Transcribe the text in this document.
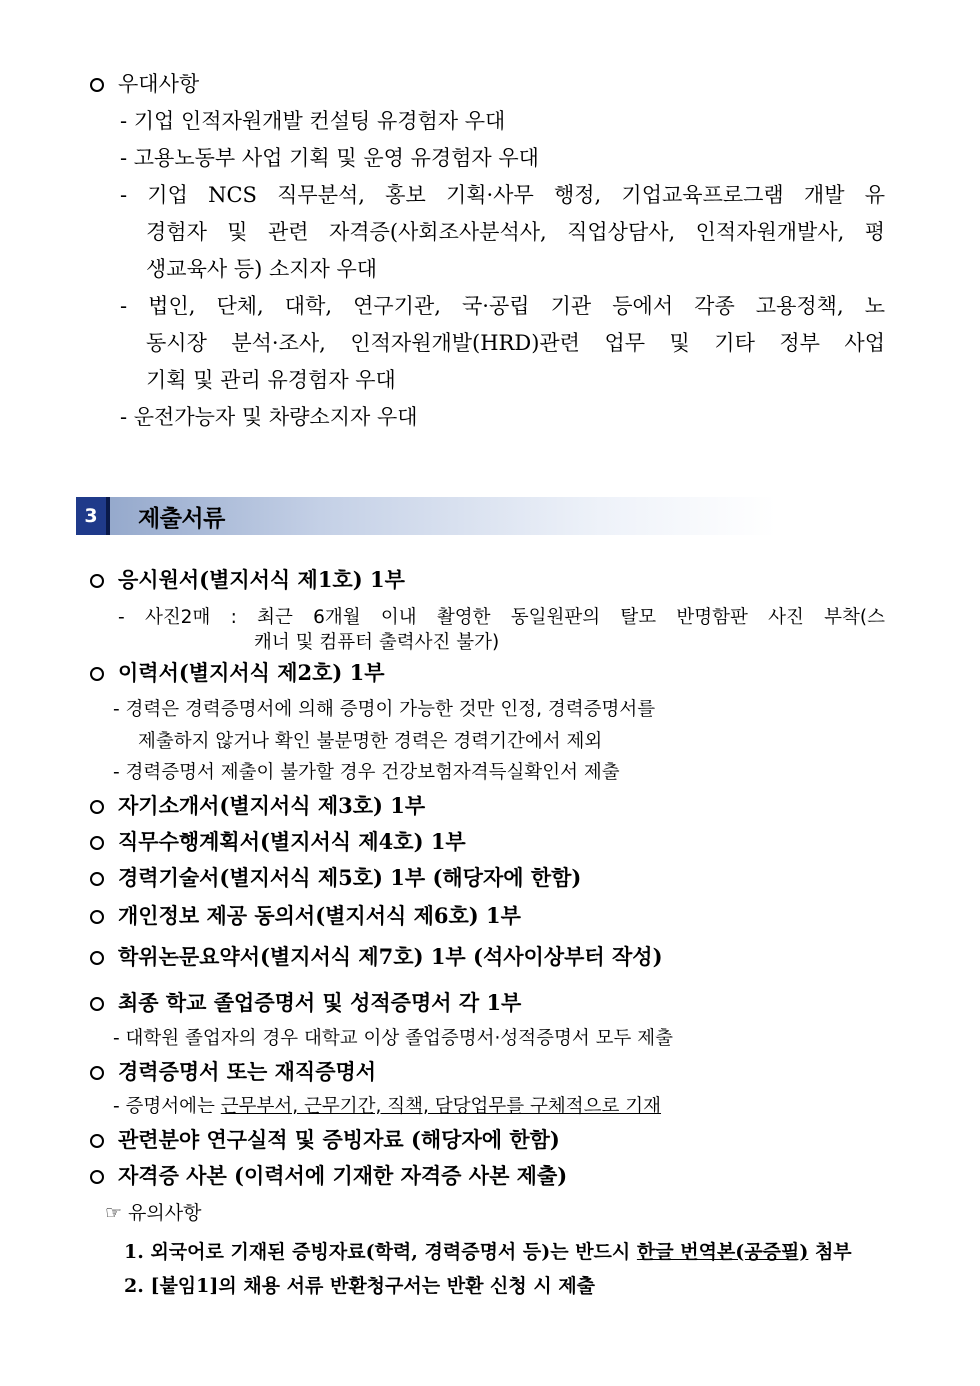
우대사항
- 기업 인적자원개발 컨설팅 유경험자 우대
- 고용노동부 사업 기획 및 운영 유경험자 우대
- 기업 NCS 직무분석, 홍보 기획·사무 행정, 기업교육프로그램 개발 유
경험자 및 관련 자격증(사회조사분석사, 직업상담사, 인적자원개발사, 평
생교육사 등) 소지자 우대
- 법인, 단체, 대학, 연구기관, 국·공립 기관 등에서 각종 고용정책, 노
동시장 분석·조사, 인적자원개발(HRD)관련 업무 및 기타 정부 사업
기획 및 관리 유경험자 우대
- 운전가능자 및 차량소지자 우대
3	제출서류
응시원서(별지서식 제1호) 1부
- 사진2매 : 최근 6개월 이내 촬영한 동일원판의 탈모 반명함판 사진 부착(스
캐너 및 컴퓨터 출력사진 불가)
이력서(별지서식 제2호) 1부
- 경력은 경력증명서에 의해 증명이 가능한 것만 인정, 경력증명서를
제출하지 않거나 확인 불분명한 경력은 경력기간에서 제외
- 경력증명서 제출이 불가할 경우 건강보험자격득실확인서 제출
자기소개서(별지서식 제3호) 1부
직무수행계획서(별지서식 제4호) 1부
경력기술서(별지서식 제5호) 1부 (해당자에 한함)
개인정보 제공 동의서(별지서식 제6호) 1부
학위논문요약서(별지서식 제7호) 1부 (석사이상부터 작성)
최종 학교 졸업증명서 및 성적증명서 각 1부
- 대학원 졸업자의 경우 대학교 이상 졸업증명서·성적증명서 모두 제출
경력증명서 또는 재직증명서
- 증명서에는 근무부서, 근무기간, 직책, 담당업무를 구체적으로 기재
관련분야 연구실적 및 증빙자료 (해당자에 한함)
자격증 사본 (이력서에 기재한 자격증 사본 제출)
☞ 유의사항
1. 외국어로 기재된 증빙자료(학력, 경력증명서 등)는 반드시 한글 번역본(공증필) 첨부
2. [붙임1]의 채용 서류 반환청구서는 반환 신청 시 제출
